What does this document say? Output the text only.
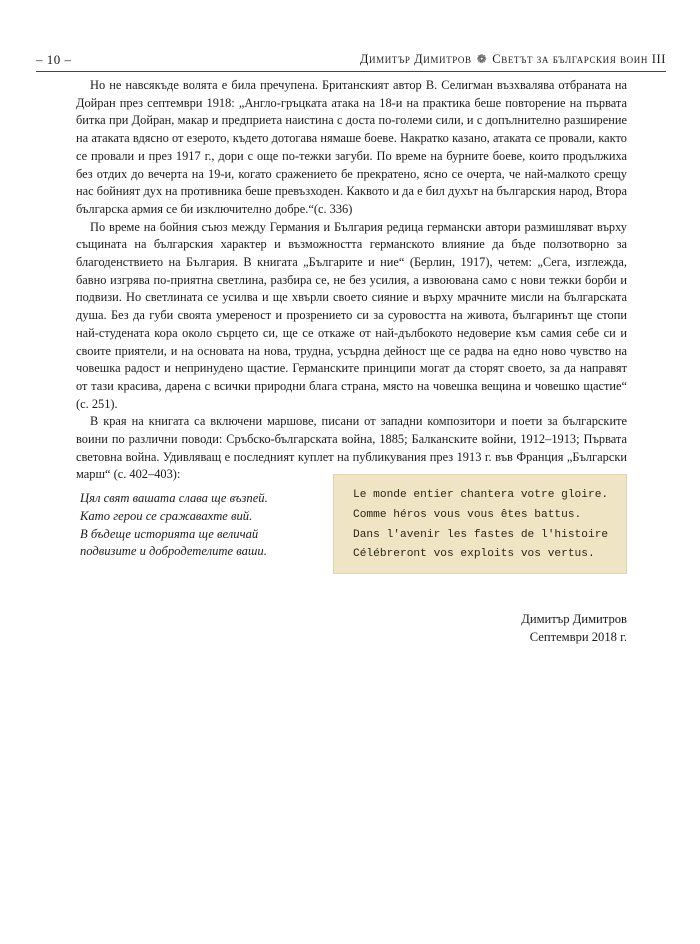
– 10 –	Димитър Димитров ❁ Светът за българския воин III

Но не навсякъде волята е била пречупена. Британският автор В. Селигман възхвалява отбраната на Дойран през септември 1918: „Англо-гръцката атака на 18-и на практика беше повторение на първата битка при Дойран, макар и предприета наистина с доста по-големи сили, и с допълнително разширение на атаката вдясно от езерото, където дотогава нямаше боеве. Накратко казано, атаката се провали, както се провали и през 1917 г., дори с още по-тежки загуби. По време на бурните боеве, които продължиха без отдих до вечерта на 19-и, когато сражението бе прекратено, ясно се очерта, че най-малкото срещу нас бойният дух на противника беше превъзходен. Каквото и да е бил духът на българския народ, Втора българска армия се би изключително добре.“(с. 336)

По време на бойния съюз между Германия и България редица германски автори размишляват върху същината на българския характер и възможността германското влияние да бъде ползотворно за благоденствието на България. В книгата „Българите и ние“ (Берлин, 1917), четем: „Сега, изглежда, бавно изгрява по-приятна светлина, разбира се, не без усилия, а извоювана само с нови тежки борби и подвизи. Но светлината се усилва и ще хвърли своето сияние и върху мрачните мисли на българската душа. Без да губи своята умереност и прозрението си за суровостта на живота, българинът ще стопи най-студената кора около сърцето си, ще се откаже от най-дълбокото недоверие към самия себе си и своите приятели, и на основата на нова, трудна, усърдна дейност ще се радва на едно ново чувство на човешка радост и непринудено щастие. Германските принципи могат да сторят своето, за да направят от тази красива, дарена с всички природни блага страна, място на човешка вещина и човешко щастие“ (с. 251).

В края на книгата са включени маршове, писани от западни композитори и поети за българските воини по различни поводи: Сръбско-българската война, 1885; Балканските войни, 1912–1913; Първата световна война. Удивляващ е последният куплет на публикувания през 1913 г. във Франция „Български марш“ (с. 402–403):

Цял свят вашата слава ще възпей.
Като герои се сражавахте вий.
В бъдеще историята ще величай
подвизите и добродетелите ваши.
Le monde entier chantera votre gloire.
Comme héros vous vous êtes battus.
Dans l'avenir les fastes de l'histoire
Célébreront vos exploits vos vertus.
Димитър Димитров
Септември 2018 г.
